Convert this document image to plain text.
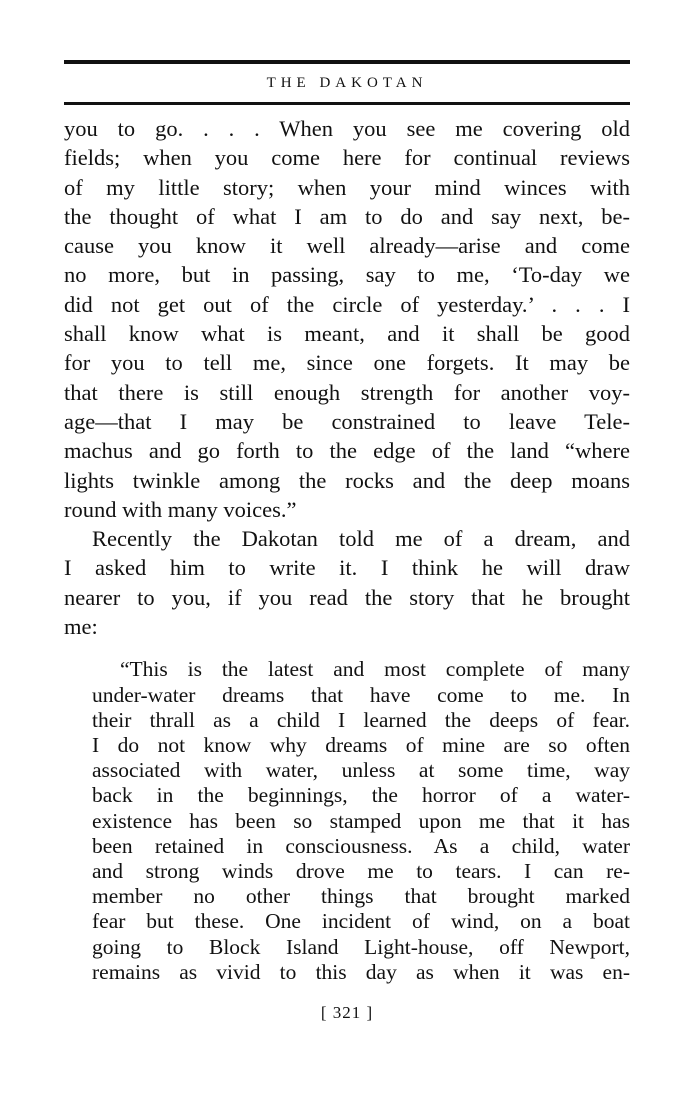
THE DAKOTAN
you to go. . . . When you see me covering old
fields; when you come here for continual reviews
of my little story; when your mind winces with
the thought of what I am to do and say next, be-
cause you know it well already—arise and come
no more, but in passing, say to me, ‘To-day we
did not get out of the circle of yesterday.’ . . . I
shall know what is meant, and it shall be good
for you to tell me, since one forgets. It may be
that there is still enough strength for another voy-
age—that I may be constrained to leave Tele-
machus and go forth to the edge of the land “where
lights twinkle among the rocks and the deep moans
round with many voices.”
Recently the Dakotan told me of a dream, and
I asked him to write it. I think he will draw
nearer to you, if you read the story that he brought
me:
“This is the latest and most complete of many
under-water dreams that have come to me. In
their thrall as a child I learned the deeps of fear.
I do not know why dreams of mine are so often
associated with water, unless at some time, way
back in the beginnings, the horror of a water-
existence has been so stamped upon me that it has
been retained in consciousness. As a child, water
and strong winds drove me to tears. I can re-
member no other things that brought marked
fear but these. One incident of wind, on a boat
going to Block Island Light-house, off Newport,
remains as vivid to this day as when it was en-
[ 321 ]
